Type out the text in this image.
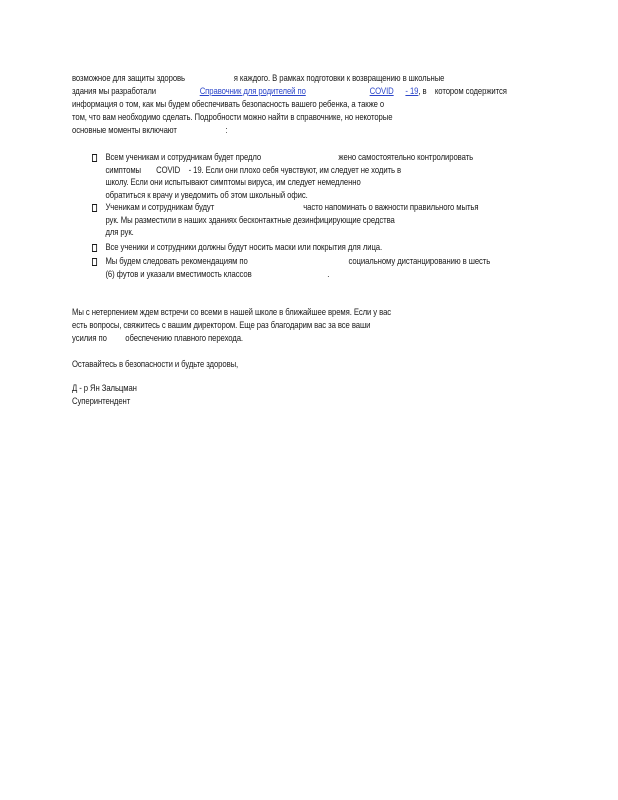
возможное для защиты здоровь	я каждого. В рамках подготовки к возвращению в школьные
здания мы разработали	Справочник для родителей по	COVID - 19, в котором содержится
информация о том, как мы будем обеспечивать безопасность вашего ребенка, а также о
том, что вам необходимо сделать. Подробности можно найти в справочнике, но некоторые
основные моменты включают	:
Всем ученикам и сотрудникам будет предло	жено самостоятельно контролировать
симптомы COVID - 19. Если они плохо себя чувствуют, им следует не ходить в
школу. Если они испытывают симптомы вируса, им следует немедленно
обратиться к врачу и уведомить об этом школьный офис.
Ученикам и сотрудникам будут	часто напоминать о важности правильного мытья
рук. Мы разместили в наших зданиях бесконтактные дезинфицирующие средства
для рук.
Все ученики и сотрудники должны будут носить маски или покрытия для лица.
Мы будем следовать рекомендациям по	социальному дистанцированию в шесть
(6) футов и указали вместимость классов	.
Мы с нетерпением ждем встречи со всеми в нашей школе в ближайшее время. Если у вас
есть вопросы, свяжитесь с вашим директором. Еще раз благодарим вас за все ваши
усилия по обеспечению плавного перехода.
Оставайтесь в безопасности и будьте здоровы,
Д - р Ян Зальцман
Суперинтендент
